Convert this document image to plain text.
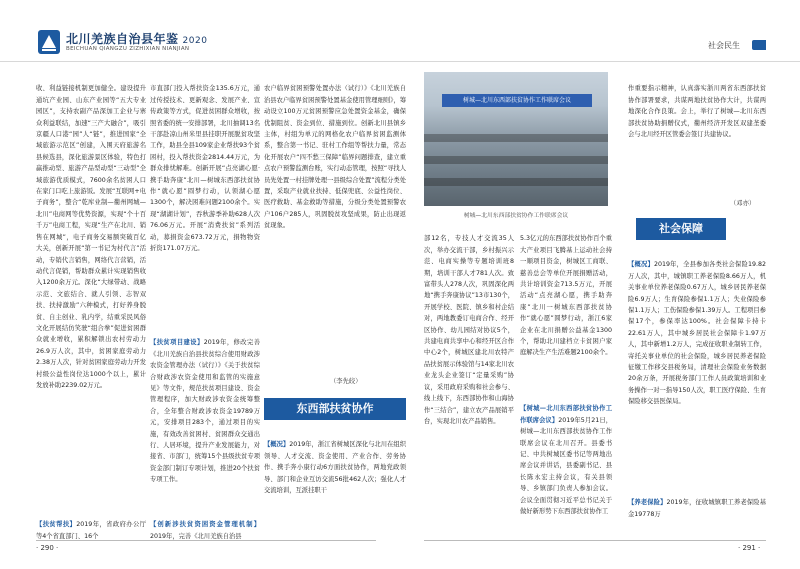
北川羌族自治县年鉴 2020
BEICHUAN QIANGZU ZIZHIXIAN NIANJIAN	社会民生

收、利益链接机制更加健全。建设提升通坑产业园、山东产业园等“五大专业园区”，支持农副产品深加工企业与寨众利益联结，加速“三产大融合”，吸引京疆人口港“园”人“链”，推进国家“全域旅游示范区”创建，入围天府旅游名县候选县，深化旅游景区体验，特色打赢推动型、旅游产品型动型“三动型”全域旅游优质模式，7600余名贫困人口在家门口吃上旅游饭。发展“互联网+电子商务”，整合“乾库业制—衢州网城—北川”电商网等优势资源，实现“个十百千万”电商工程，实现“生产在北川、销售在网城”，电子商务交易额突破百亿大关，创新开展“第一书记为村代言”活动，专销代言销售，网络代言营销，活动代言促销，帮助群众累计实现销售收入1200余万元。深化“大绿带动、战略示范、文旅结合、就人引领、志智双扶、扶持激励”六种模式，打好养身脱贫、自主创业、乳内学，结重采民风俗文化开展结仿笑驶“组合拳”促进贫困群众就业增收，累积解锁出农村劳动力26.9万人次，其中，贫困家庭劳动力2.38万人次，针对贫困家庭劳动力开发村级公益性岗位达1000个以上，累计发放补助2239.02万元。

【扶贫帮扶】2019年，省政府办公厅等4个省直部门、16个

市直部门投入帮扶资金135.6万元，通过传授技术、更新观念、发展产业、宣传政策等方式，促进贫困群众增收，按照省委的统一安排部署，北川抽调13名干部赴凉山州米里县挂职开展脱贫攻坚工作，助县全县109家企业帮扶93个贫困村，投入帮扶资金2814.44万元，为群众排忧解难。创新开展“点亮湖心愿·携手助奔康”北川—树城东西部扶贫协作“就心愿”圆梦行动，认领湖心愿1300个，解决困难问题2100余个。实现“湖湖计划”，吞秋游季补助628人次76.06万元。开展“消费扶贫”系列活动，募捐资金673.72万元，捐物物资折资171.07万元。

【扶贫项目建设】2019年，修改完善《北川羌族自治县扶贫综合使用财政涉农资金管理办法（试行）》《关于扶贫综合财政涉农资金使用和监管的实施意见》等文件，规范扶贫项目建设、资金管理程序，加大财政涉农资金统筹整合，全年整合财政涉农资金19789万元，安排项目283个，通过项目的实施，有效改善贫困村、贫困群众交通出行、人居环境，提升产业发展能力，对接省、市部门，统筹15个县级扶贫专项资金部门制订专项计划，推进20个扶贫专项工作。

【创新涉扶贫资困资金管理机制】2019年，完善《北川羌族自治县

农户临界贫困预警处置办法（试行）》《北川羌族自治县农户临界贫困预警处置基金使用管理细则》，筹动设立100万元贫困预警应急处置资金基金，确保优制阻贫、资金到位、措施到位。创新北川县镇乡主体，村组为单元的网格化农户临界贫困监测体系，整合第一书记、驻村工作组等帮扶力量，常态化开展农户“四不愁三保障”临界问题排查，建立重点农户预警监测台账，实行动态管理，按照“寻找人员先处置一村挂牌处理一县级综合处置”流程分类处置，采取产业就业扶持、低保兜底、公益性岗位、医疗救助、基金救助等措施，分级分类处置预警农户106户285人，巩固脱贫攻坚成果，防止出现返贫现象。

（李先皎）
东西部扶贫协作

【概况】2019年，浙江省树城区深化与北川在组织领导、人才交流、资金使用、产业合作、劳务协作、携手奔小康行动6方面扶贫协作，两地党政领导、部门和企业互访交流56批462人次；强化人才交流培训，互派挂职干

树城—北川东西部扶贫协作工作联席会议
树城—北川东西部扶贫协作工作联席会议

部12名，专技人才交流35人次，举办交流干部，乡村振兴示范、电商实操等专题培训班8期，培训干部人才781人次。致富带头人278人次，巩固深化两地“携手奔康协议”13市130个，开展学校、医院、镇乡和村企结对，两地教委订电商合作、经开区协作、幼儿园结对协议5个，共建电商共享中心和经开区合作中心2个，树城区建北川农特产品扶贫展示体验馆与14家北川农业龙头企业签订“定量采购”协议，采用政府采购和社会参与、线上线下，东西部协作和山海协作“三结合”，建立农产品展销平台，实现北川农产品销售。

5.3亿元的东西部扶贫协作百个重大产业项目飞腾基上运动社会持一顺项目资金，树城区工商联、慈善总会等单位开展捐赠活动，共计培训资金713.5万元，开展活动“点亮湖心愿，携手助奔康”北川一树城东西部扶贫协作“就心愿”圆梦行动，浙江6家企业在北川捐赠公益基金1300个，帮助北川建档立卡贫困户家庭解决生产生活难题2100余个。

【树城—北川东西部扶贫协作工作联席会议】2019年5月21日，树城—北川东西部扶贫协作工作联席会议在北川召开。县委书记、中共树城区委书记等两地出席会议并讲话，县委副书记、县长陈永宏主持会议，有关县领导、乡镇部门负责人参加会议。会议全面贯彻习近平总书记关于做好新形势下东西部扶贫协作工

作重要指示精神，认真落实浙川两省东西部扶贫协作部署要求，共谋两地扶贫协作大计，共谋两地深化合作良策。会上，举行了树城—北川东西部扶贫协助捐赠仪式，衢州经济开发区双建垄委会与北川经开区管委会签订共建协议。

（邓亦）
社会保障

【概况】2019年，全县参加各类社会保险19.82万人次，其中，城镇职工养老保险8.66万人，机关事业单位养老保险0.67万人，城乡居民养老保险6.9万人；生育保险参保1.1万人；失业保险参保1.1万人；工伤保险参保1.39万人。工程项目参保17个，参保率达100%。社会保障卡持卡22.61万人，其中城乡居民社会保障卡1.97万人，其中新增1.2万人，完成征收职业制转工作，寄托关事业单位的社会保险，城乡居民养老保险征缴工作移交县税务局，清理社会保险业务数据20余万条，开展税务部门工作人员政策培训和业务操作一对一指导150人次，职工医疗保险、生育保险移交县医保局。

【养老保险】2019年，征收城镇职工养老保险基金19778万

· 290 ·	· 291 ·
